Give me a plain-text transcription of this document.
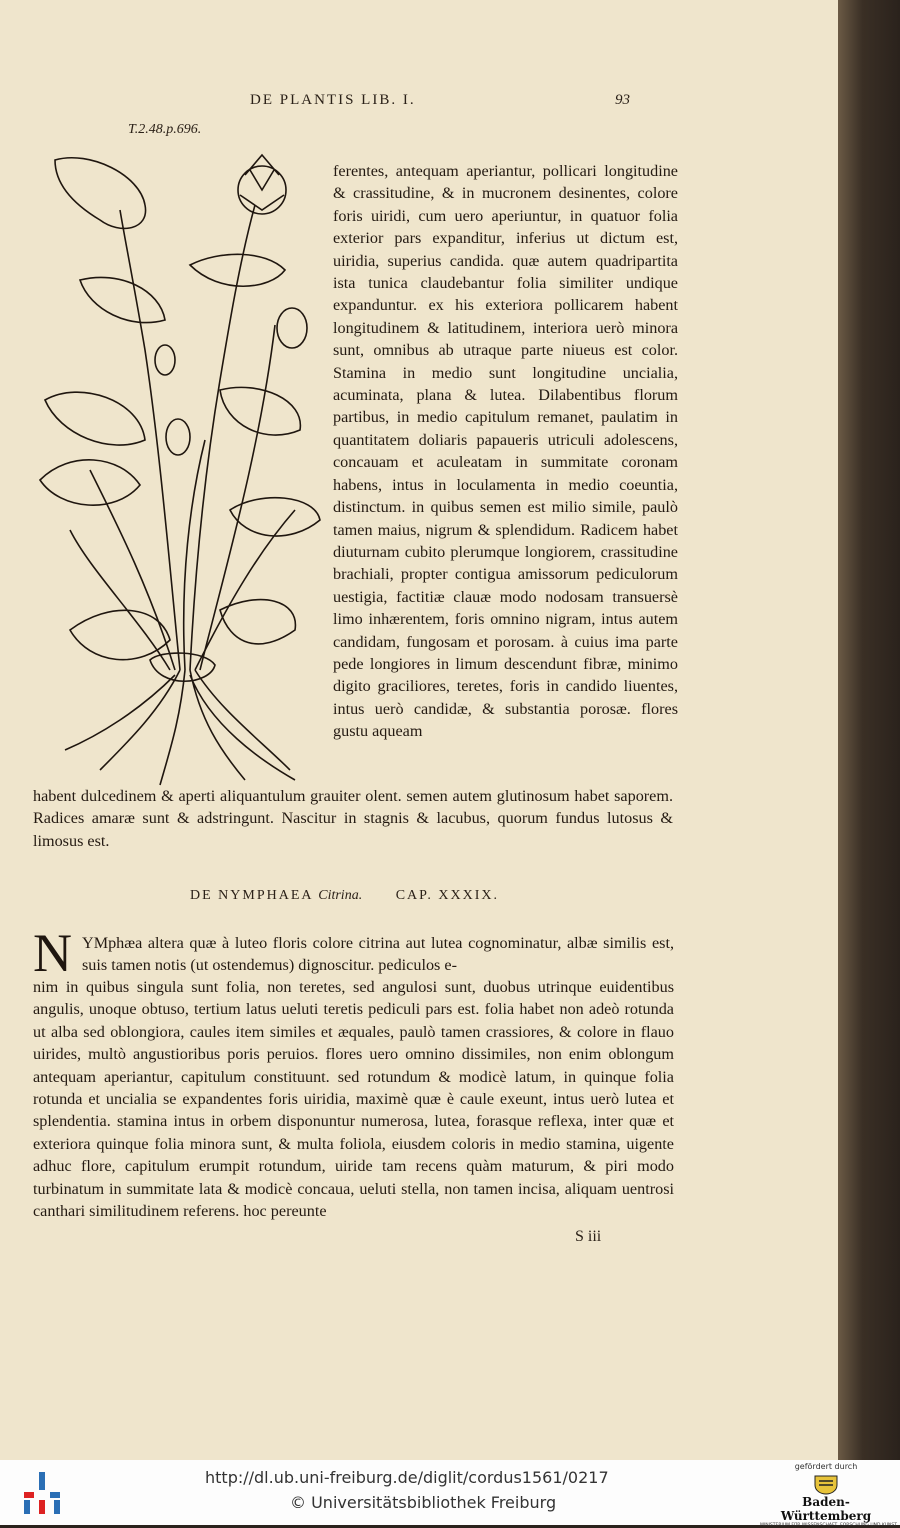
DE PLANTIS LIB. I.	93
T.2.48.p.696.

ferentes, antequam aperiantur, pollicari longitudine & crassitudine, & in mucronem desinentes, colore foris uiridi, cum uero aperiuntur, in quatuor folia exterior pars expanditur, inferius ut dictum est, uiridia, superius candida. quæ autem quadripartita ista tunica claudebantur folia similiter undique expanduntur. ex his exteriora pollicarem habent longitudinem & latitudinem, interiora uerò minora sunt, omnibus ab utraque parte niueus est color. Stamina in medio sunt longitudine uncialia, acuminata, plana & lutea. Dilabentibus florum partibus, in medio capitulum remanet, paulatim in quantitatem doliaris papaueris utriculi adolescens, concauam et aculeatam in summitate coronam habens, intus in loculamenta in medio coeuntia, distinctum. in quibus semen est milio simile, paulò tamen maius, nigrum & splendidum. Radicem habet diuturnam cubito plerumque longiorem, crassitudine brachiali, propter contigua amissorum pediculorum uestigia, factitiæ clauæ modo nodosam transuersè limo inhærentem, foris omnino nigram, intus autem candidam, fungosam et porosam. à cuius ima parte pede longiores in limum descendunt fibræ, minimo digito graciliores, teretes, foris in candido liuentes, intus uerò candidæ, & substantia porosæ. flores gustu aqueam

habent dulcedinem & aperti aliquantulum grauiter olent. semen autem glutinosum habet saporem. Radices amaræ sunt & adstringunt. Nascitur in stagnis & lacubus, quorum fundus lutosus & limosus est.

DE NYMPHAEA Citrina. CAP. XXXIX.
N YMphæa altera quæ à luteo floris colore citrina aut lutea cognominatur, albæ similis est, suis tamen notis (ut ostendemus) dignoscitur. pediculos e-

nim in quibus singula sunt folia, non teretes, sed angulosi sunt, duobus utrinque euidentibus angulis, unoque obtuso, tertium latus ueluti teretis pediculi pars est. folia habet non adeò rotunda ut alba sed oblongiora, caules item similes et æquales, paulò tamen crassiores, & colore in flauo uirides, multò angustioribus poris peruios. flores uero omnino dissimiles, non enim oblongum antequam aperiantur, capitulum constituunt. sed rotundum & modicè latum, in quinque folia rotunda et uncialia se expandentes foris uiridia, maximè quæ è caule exeunt, intus uerò lutea et splendentia. stamina intus in orbem disponuntur numerosa, lutea, forasque reflexa, inter quæ et exteriora quinque folia minora sunt, & multa foliola, eiusdem coloris in medio stamina, uigente adhuc flore, capitulum erumpit rotundum, uiride tam recens quàm maturum, & piri modo turbinatum in summitate lata & modicè concaua, ueluti stella, non tamen incisa, aliquam uentrosi canthari similitudinem referens. hoc pereunte

S iii
http://dl.ub.uni-freiburg.de/diglit/cordus1561/0217
© Universitätsbibliothek Freiburg
gefördert durch
Baden-Württemberg
MINISTERIUM FÜR WISSENSCHAFT, FORSCHUNG UND KUNST
